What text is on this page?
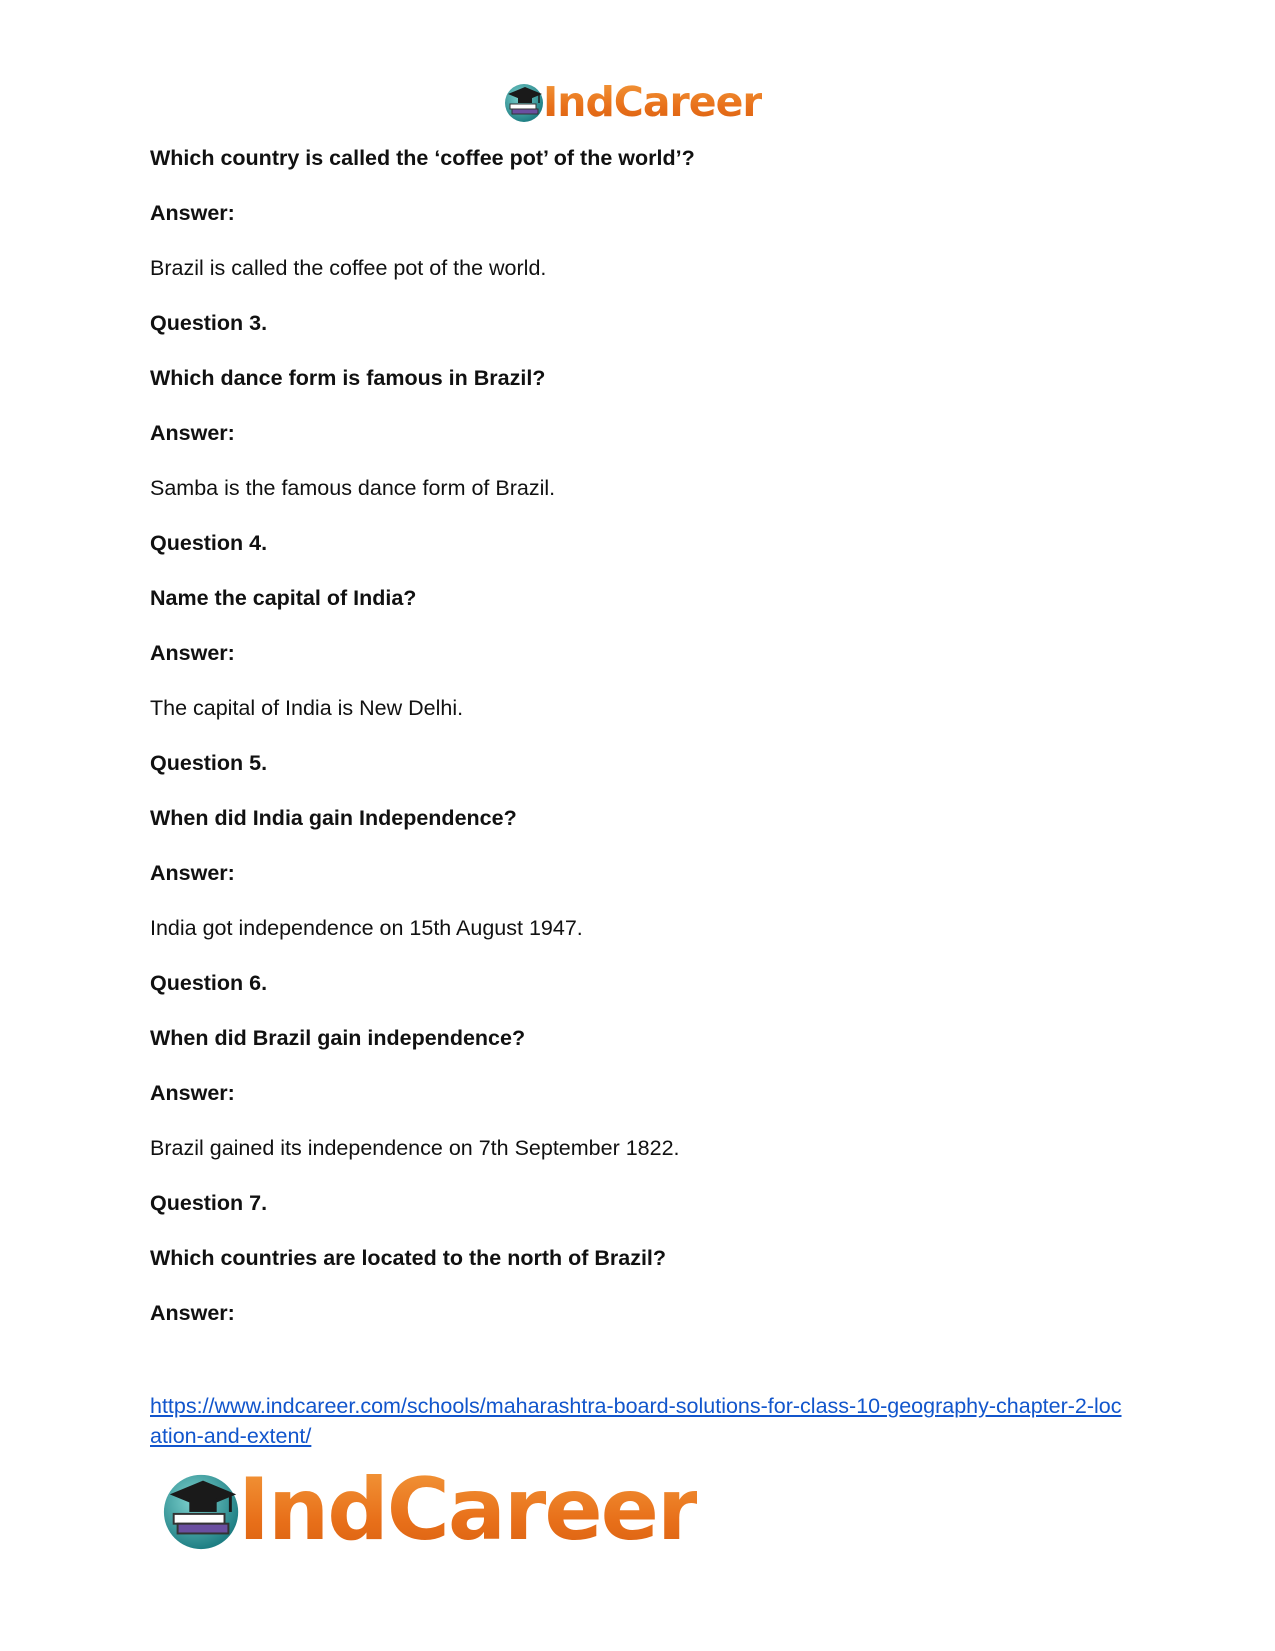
IndCareer
Which country is called the ‘coffee pot’ of the world’?
Answer:
Brazil is called the coffee pot of the world.
Question 3.
Which dance form is famous in Brazil?
Answer:
Samba is the famous dance form of Brazil.
Question 4.
Name the capital of India?
Answer:
The capital of India is New Delhi.
Question 5.
When did India gain Independence?
Answer:
India got independence on 15th August 1947.
Question 6.
When did Brazil gain independence?
Answer:
Brazil gained its independence on 7th September 1822.
Question 7.
Which countries are located to the north of Brazil?
Answer:
https://www.indcareer.com/schools/maharashtra-board-solutions-for-class-10-geography-chapter-2-location-and-extent/
IndCareer
